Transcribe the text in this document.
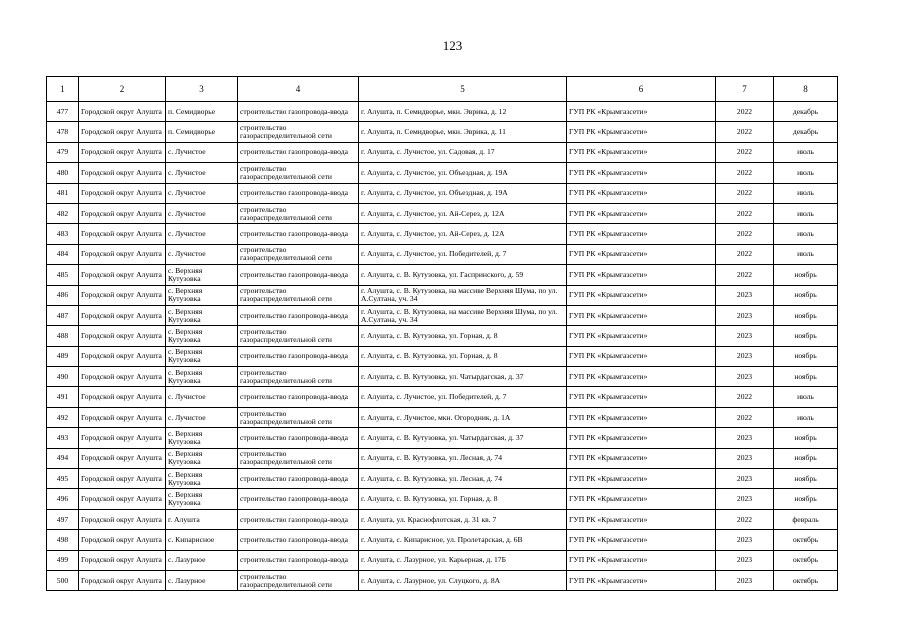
123
1	2	3	4	5	6	7	8
477	Городской округ Алушта	п. Семидворье	строительство газопровода-ввода	г. Алушта, п. Семидворье, мкн. Эврика, д. 12	ГУП РК «Крымгазсети»	2022	декабрь
478	Городской округ Алушта	п. Семидворье	строительство газораспределительной сети	г. Алушта, п. Семидворье, мкн. Эврика, д. 11	ГУП РК «Крымгазсети»	2022	декабрь
479	Городской округ Алушта	с. Лучистое	строительство газопровода-ввода	г. Алушта, с. Лучистое, ул. Садовая, д. 17	ГУП РК «Крымгазсети»	2022	июль
480	Городской округ Алушта	с. Лучистое	строительство газораспределительной сети	г. Алушта, с. Лучистое, ул. Объездная, д. 19А	ГУП РК «Крымгазсети»	2022	июль
481	Городской округ Алушта	с. Лучистое	строительство газопровода-ввода	г. Алушта, с. Лучистое, ул. Объездная, д. 19А	ГУП РК «Крымгазсети»	2022	июль
482	Городской округ Алушта	с. Лучистое	строительство газораспределительной сети	г. Алушта, с. Лучистое, ул. Ай-Серез, д. 12А	ГУП РК «Крымгазсети»	2022	июль
483	Городской округ Алушта	с. Лучистое	строительство газопровода-ввода	г. Алушта, с. Лучистое, ул. Ай-Серез, д. 12А	ГУП РК «Крымгазсети»	2022	июль
484	Городской округ Алушта	с. Лучистое	строительство газораспределительной сети	г. Алушта, с. Лучистое, ул. Победителей, д. 7	ГУП РК «Крымгазсети»	2022	июль
485	Городской округ Алушта	с. Верхняя Кутузовка	строительство газопровода-ввода	г. Алушта, с. В. Кутузовка, ул. Гаспринского, д. 59	ГУП РК «Крымгазсети»	2022	ноябрь
486	Городской округ Алушта	с. Верхняя Кутузовка	строительство газораспределительной сети	г. Алушта, с. В. Кутузовка, на массиве Верхняя Шумa, по ул. А.Султана, уч. 34	ГУП РК «Крымгазсети»	2023	ноябрь
487	Городской округ Алушта	с. Верхняя Кутузовка	строительство газопровода-ввода	г. Алушта, с. В. Кутузовка, на массиве Верхняя Шумa, по ул. А.Султана, уч. 34	ГУП РК «Крымгазсети»	2023	ноябрь
488	Городской округ Алушта	с. Верхняя Кутузовка	строительство газораспределительной сети	г. Алушта, с. В. Кутузовка, ул. Горная, д. 8	ГУП РК «Крымгазсети»	2023	ноябрь
489	Городской округ Алушта	с. Верхняя Кутузовка	строительство газопровода-ввода	г. Алушта, с. В. Кутузовка, ул. Горная, д. 8	ГУП РК «Крымгазсети»	2023	ноябрь
490	Городской округ Алушта	с. Верхняя Кутузовка	строительство газораспределительной сети	г. Алушта, с. В. Кутузовка, ул. Чатырдагская, д. 37	ГУП РК «Крымгазсети»	2023	ноябрь
491	Городской округ Алушта	с. Лучистое	строительство газопровода-ввода	г. Алушта, с. Лучистое, ул. Победителей, д. 7	ГУП РК «Крымгазсети»	2022	июль
492	Городской округ Алушта	с. Лучистое	строительство газораспределительной сети	г. Алушта, с. Лучистое, мкн. Огородник, д. 1А	ГУП РК «Крымгазсети»	2022	июль
493	Городской округ Алушта	с. Верхняя Кутузовка	строительство газопровода-ввода	г. Алушта, с. В. Кутузовка, ул. Чатырдагская, д. 37	ГУП РК «Крымгазсети»	2023	ноябрь
494	Городской округ Алушта	с. Верхняя Кутузовка	строительство газораспределительной сети	г. Алушта, с. В. Кутузовка, ул. Лесная, д. 74	ГУП РК «Крымгазсети»	2023	ноябрь
495	Городской округ Алушта	с. Верхняя Кутузовка	строительство газопровода-ввода	г. Алушта, с. В. Кутузовка, ул. Лесная, д. 74	ГУП РК «Крымгазсети»	2023	ноябрь
496	Городской округ Алушта	с. Верхняя Кутузовка	строительство газопровода-ввода	г. Алушта, с. В. Кутузовка, ул. Горная, д. 8	ГУП РК «Крымгазсети»	2023	ноябрь
497	Городской округ Алушта	г. Алушта	строительство газопровода-ввода	г. Алушта, ул. Краснофлотская, д. 31 кв. 7	ГУП РК «Крымгазсети»	2022	февраль
498	Городской округ Алушта	с. Кипарисное	строительство газопровода-ввода	г. Алушта, с. Кипарисное, ул. Пролетарская, д. 6В	ГУП РК «Крымгазсети»	2023	октябрь
499	Городской округ Алушта	с. Лазурное	строительство газопровода-ввода	г. Алушта, с. Лазурное, ул. Карьерная, д. 17Б	ГУП РК «Крымгазсети»	2023	октябрь
500	Городской округ Алушта	с. Лазурное	строительство газораспределительной сети	г. Алушта, с. Лазурное, ул. Слуцкого, д. 8А	ГУП РК «Крымгазсети»	2023	октябрь
